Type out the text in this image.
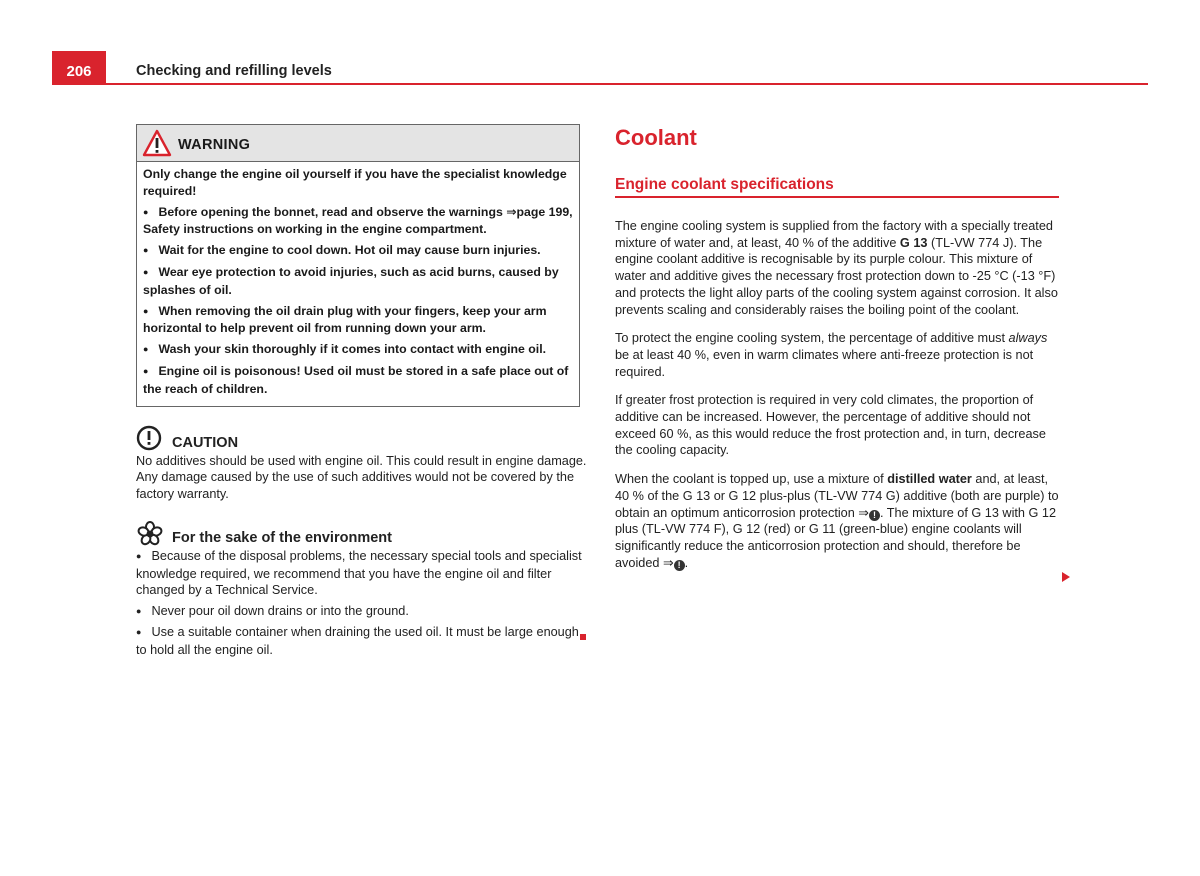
206	Checking and refilling levels
WARNING

Only change the engine oil yourself if you have the specialist knowledge required!

● Before opening the bonnet, read and observe the warnings ⇒page 199, Safety instructions on working in the engine compartment.

● Wait for the engine to cool down. Hot oil may cause burn injuries.

● Wear eye protection to avoid injuries, such as acid burns, caused by splashes of oil.

● When removing the oil drain plug with your fingers, keep your arm horizontal to help prevent oil from running down your arm.

● Wash your skin thoroughly if it comes into contact with engine oil.

● Engine oil is poisonous! Used oil must be stored in a safe place out of the reach of children.

CAUTION

No additives should be used with engine oil. This could result in engine damage. Any damage caused by the use of such additives would not be covered by the factory warranty.

For the sake of the environment

● Because of the disposal problems, the necessary special tools and specialist knowledge required, we recommend that you have the engine oil and filter changed by a Technical Service.

● Never pour oil down drains or into the ground.

● Use a suitable container when draining the used oil. It must be large enough to hold all the engine oil.

Coolant
Engine coolant specifications

The engine cooling system is supplied from the factory with a specially treated mixture of water and, at least, 40 % of the additive G 13 (TL-VW 774 J). The engine coolant additive is recognisable by its purple colour. This mixture of water and additive gives the necessary frost protection down to -25 °C (-13 °F) and protects the light alloy parts of the cooling system against corrosion. It also prevents scaling and considerably raises the boiling point of the coolant.

To protect the engine cooling system, the percentage of additive must always be at least 40 %, even in warm climates where anti-freeze protection is not required.

If greater frost protection is required in very cold climates, the proportion of additive can be increased. However, the percentage of additive should not exceed 60 %, as this would reduce the frost protection and, in turn, decrease the cooling capacity.

When the coolant is topped up, use a mixture of distilled water and, at least, 40 % of the G 13 or G 12 plus-plus (TL-VW 774 G) additive (both are purple) to obtain an optimum anticorrosion protection ⇒ ! . The mixture of G 13 with G 12 plus (TL-VW 774 F), G 12 (red) or G 11 (green-blue) engine coolants will significantly reduce the anticorrosion protection and should, therefore be avoided ⇒ ! .
